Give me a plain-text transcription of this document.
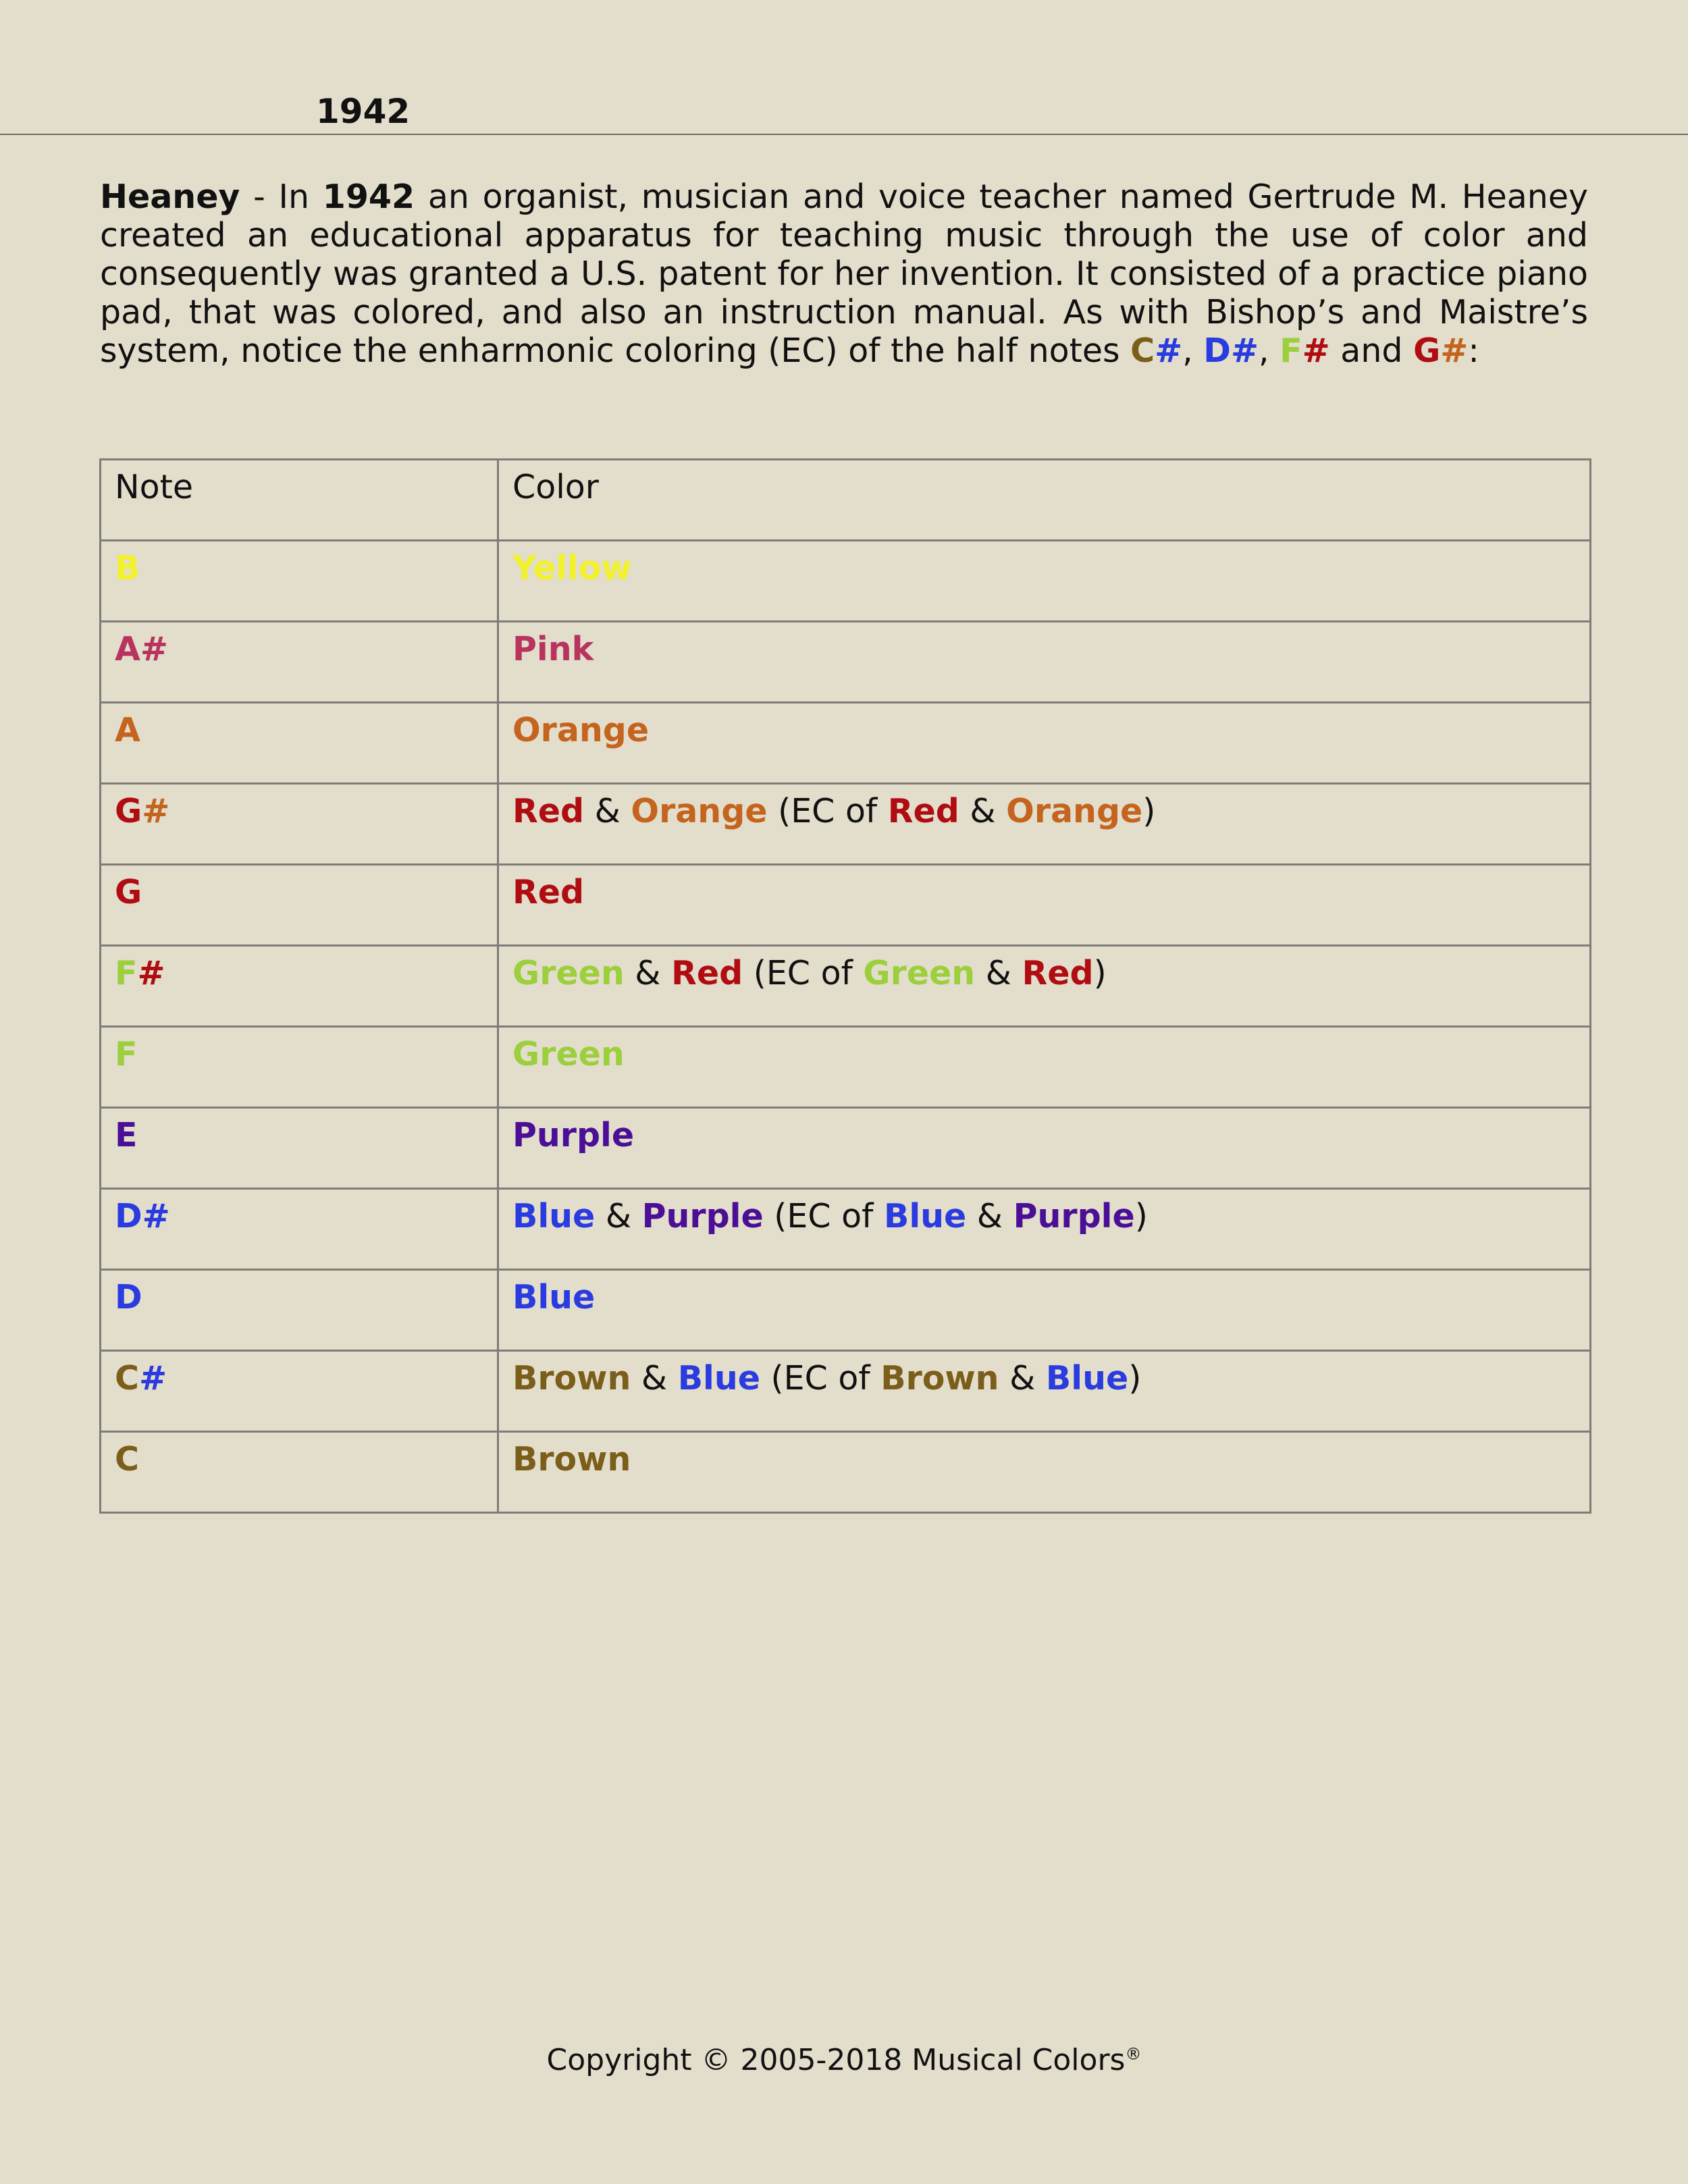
1942

Heaney - In 1942 an organist, musician and voice teacher named Gertrude M. Heaney created an educational apparatus for teaching music through the use of color and consequently was granted a U.S. patent for her invention. It consisted of a practice piano pad, that was colored, and also an instruction manual. As with Bishop’s and Maistre’s system, notice the enharmonic coloring (EC) of the half notes C#, D#, F# and G#:

Note	Color
B	Yellow
A#	Pink
A	Orange
G#	Red & Orange (EC of Red & Orange)
G	Red
F#	Green & Red (EC of Green & Red)
F	Green
E	Purple
D#	Blue & Purple (EC of Blue & Purple)
D	Blue
C#	Brown & Blue (EC of Brown & Blue)
C	Brown
Copyright © 2005-2018 Musical Colors®
